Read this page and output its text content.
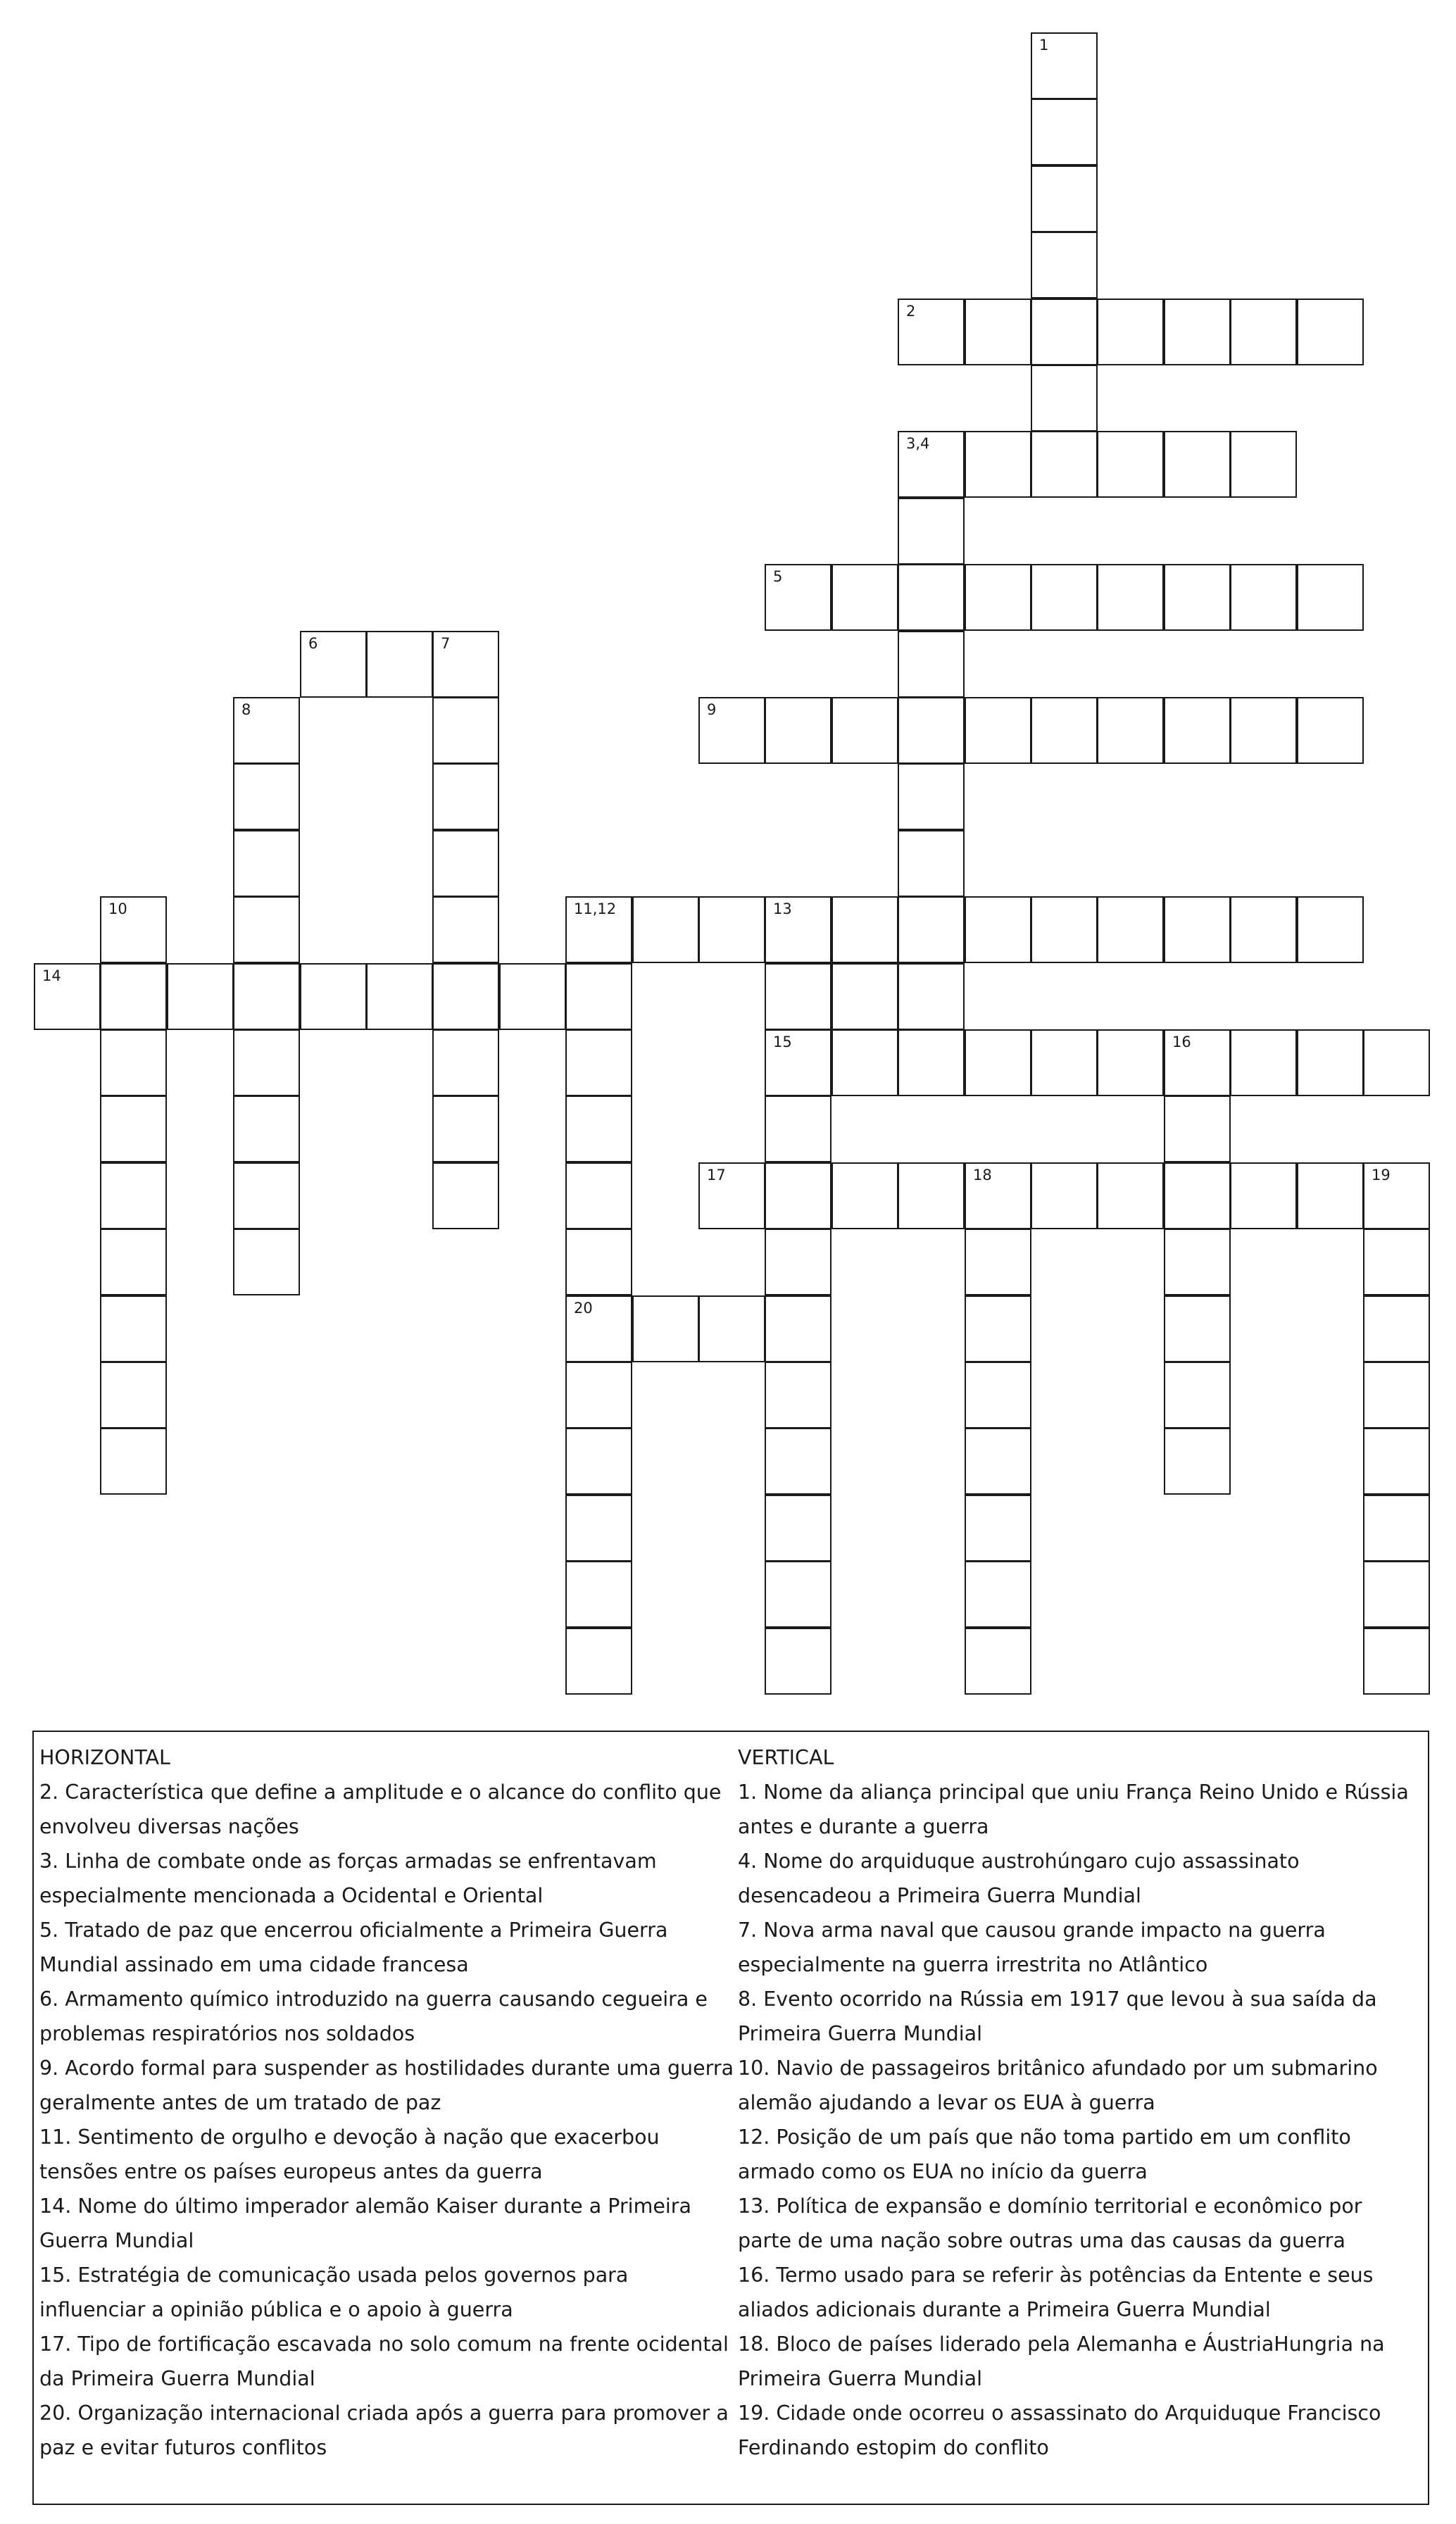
1
2
3,4
5
6	7
8	9
10	11,12	13
14
15	16
17	18	19
20

HORIZONTAL

2. Característica que define a amplitude e o alcance do conflito que envolveu diversas nações

3. Linha de combate onde as forças armadas se enfrentavam especialmente mencionada a Ocidental e Oriental

5. Tratado de paz que encerrou oficialmente a Primeira Guerra Mundial assinado em uma cidade francesa

6. Armamento químico introduzido na guerra causando cegueira e problemas respiratórios nos soldados

9. Acordo formal para suspender as hostilidades durante uma guerra geralmente antes de um tratado de paz

11. Sentimento de orgulho e devoção à nação que exacerbou tensões entre os países europeus antes da guerra

14. Nome do último imperador alemão Kaiser durante a Primeira Guerra Mundial

15. Estratégia de comunicação usada pelos governos para influenciar a opinião pública e o apoio à guerra

17. Tipo de fortificação escavada no solo comum na frente ocidental da Primeira Guerra Mundial

20. Organização internacional criada após a guerra para promover a paz e evitar futuros conflitos

VERTICAL

1. Nome da aliança principal que uniu França Reino Unido e Rússia antes e durante a guerra

4. Nome do arquiduque austrohúngaro cujo assassinato desencadeou a Primeira Guerra Mundial

7. Nova arma naval que causou grande impacto na guerra especialmente na guerra irrestrita no Atlântico

8. Evento ocorrido na Rússia em 1917 que levou à sua saída da Primeira Guerra Mundial

10. Navio de passageiros britânico afundado por um submarino alemão ajudando a levar os EUA à guerra

12. Posição de um país que não toma partido em um conflito armado como os EUA no início da guerra

13. Política de expansão e domínio territorial e econômico por parte de uma nação sobre outras uma das causas da guerra

16. Termo usado para se referir às potências da Entente e seus aliados adicionais durante a Primeira Guerra Mundial

18. Bloco de países liderado pela Alemanha e ÁustriaHungria na Primeira Guerra Mundial

19. Cidade onde ocorreu o assassinato do Arquiduque Francisco Ferdinando estopim do conflito
